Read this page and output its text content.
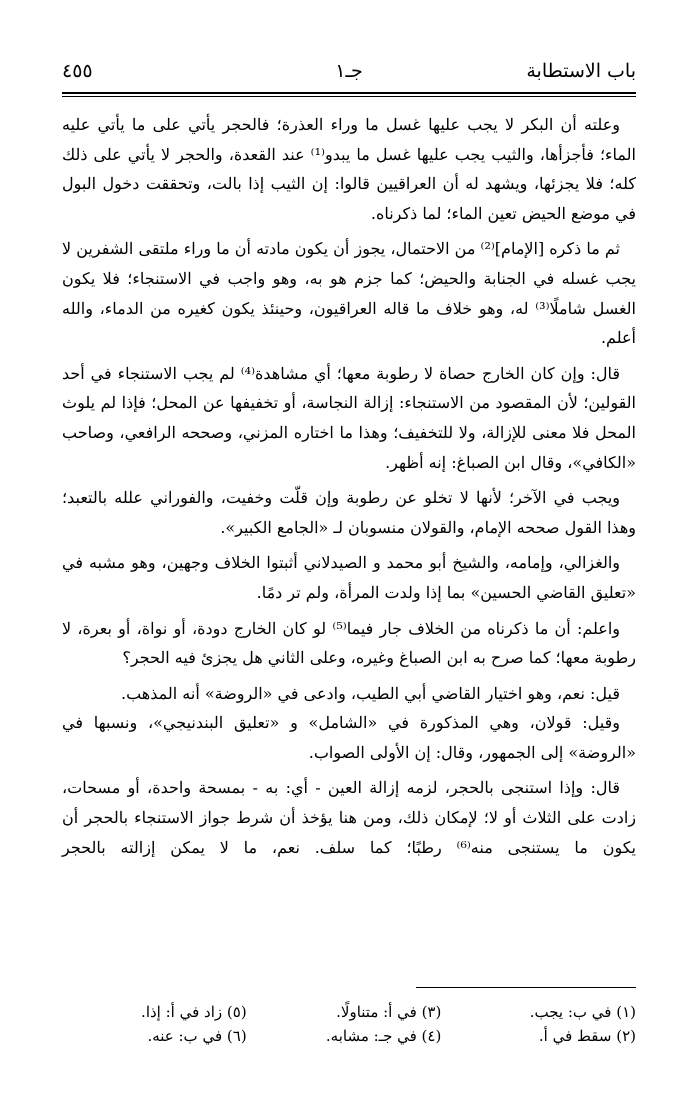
باب الاستطابة
جـ١
٤٥٥

وعلته أن البكر لا يجب عليها غسل ما وراء العذرة؛ فالحجر يأتي على ما يأتي عليه الماء؛ فأجزأها، والثيب يجب عليها غسل ما يبدو⁽¹⁾ عند القعدة، والحجر لا يأتي على ذلك كله؛ فلا يجزئها، ويشهد له أن العراقيين قالوا: إن الثيب إذا بالت، وتحققت دخول البول في موضع الحيض تعين الماء؛ لما ذكرناه.

ثم ما ذكره [الإمام]⁽²⁾ من الاحتمال، يجوز أن يكون مادته أن ما وراء ملتقى الشفرين لا يجب غسله في الجنابة والحيض؛ كما جزم هو به، وهو واجب في الاستنجاء؛ فلا يكون الغسل شاملًا⁽³⁾ له، وهو خلاف ما قاله العراقيون، وحينئذ يكون كغيره من الدماء، والله أعلم.

قال: وإن كان الخارج حصاة لا رطوبة معها؛ أي مشاهدة⁽⁴⁾ لم يجب الاستنجاء في أحد القولين؛ لأن المقصود من الاستنجاء: إزالة النجاسة، أو تخفيفها عن المحل؛ فإذا لم يلوث المحل فلا معنى للإزالة، ولا للتخفيف؛ وهذا ما اختاره المزني، وصححه الرافعي، وصاحب «الكافي»، وقال ابن الصباغ: إنه أظهر.

ويجب في الآخر؛ لأنها لا تخلو عن رطوبة وإن قلّت وخفيت، والفوراني علله بالتعبد؛ وهذا القول صححه الإمام، والقولان منسوبان لـ «الجامع الكبير».

والغزالي، وإمامه، والشيخ أبو محمد و الصيدلاني أثبتوا الخلاف وجهين، وهو مشبه في «تعليق القاضي الحسين» بما إذا ولدت المرأة، ولم تر دمًا.

واعلم: أن ما ذكرناه من الخلاف جار فيما⁽⁵⁾ لو كان الخارج دودة، أو نواة، أو بعرة، لا رطوبة معها؛ كما صرح به ابن الصباغ وغيره، وعلى الثاني هل يجزئ فيه الحجر؟

قيل: نعم، وهو اختيار القاضي أبي الطيب، وادعى في «الروضة» أنه المذهب.

وقيل: قولان، وهي المذكورة في «الشامل» و «تعليق البندنيجي»، ونسبها في «الروضة» إلى الجمهور، وقال: إن الأولى الصواب.

قال: وإذا استنجى بالحجر، لزمه إزالة العين - أي: به - بمسحة واحدة، أو مسحات، زادت على الثلاث أو لا؛ لإمكان ذلك، ومن هنا يؤخذ أن شرط جواز الاستنجاء بالحجر أن يكون ما يستنجى منه⁽⁶⁾ رطبًا؛ كما سلف. نعم، ما لا يمكن إزالته بالحجر

(١) في ب: يجب.
(٢) سقط في أ.
(٣) في أ: متناولًا.
(٤) في جـ: مشابه.
(٥) زاد في أ: إذا.
(٦) في ب: عنه.
